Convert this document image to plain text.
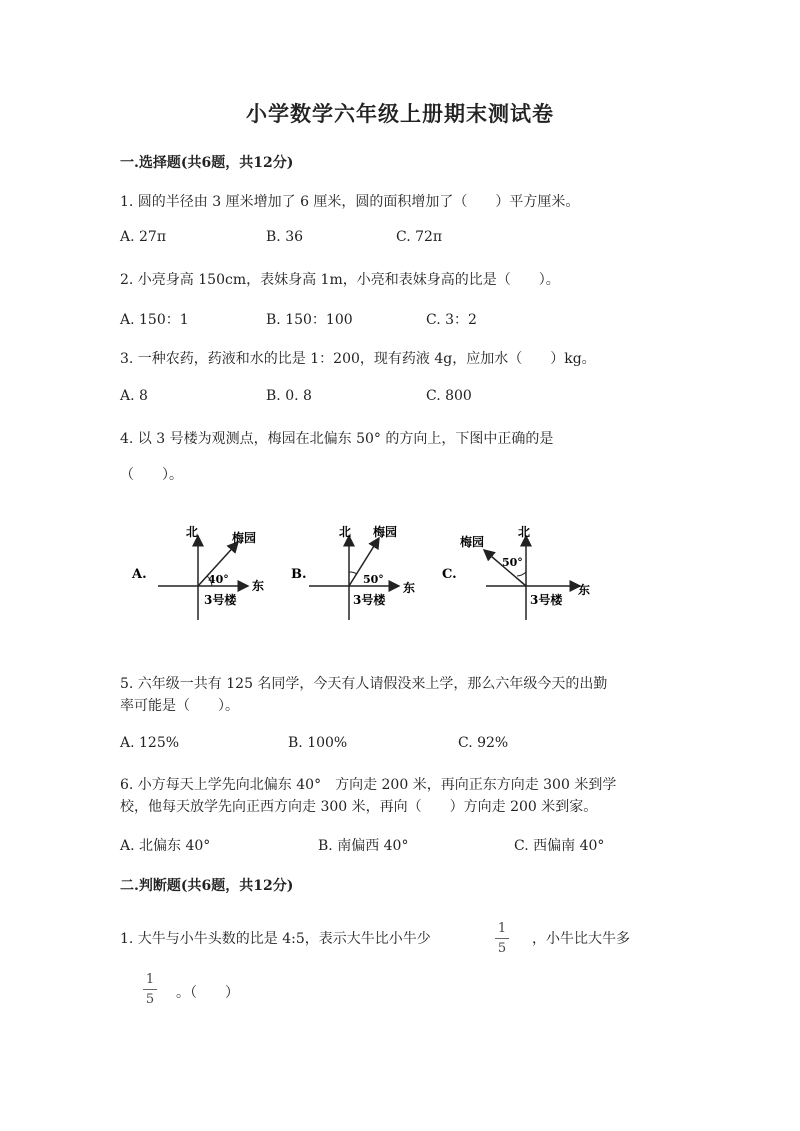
小学数学六年级上册期末测试卷
一.选择题(共6题，共12分)
1. 圆的半径由 3 厘米增加了 6 厘米，圆的面积增加了（　　）平方厘米。
A. 27π	B. 36	C. 72π
2. 小亮身高 150cm，表妹身高 1m，小亮和表妹身高的比是（　　）。
A. 150：1	B. 150：100	C. 3：2
3. 一种农药，药液和水的比是 1：200，现有药液 4g，应加水（　　）kg。
A. 8	B. 0. 8	C. 800
4. 以 3 号楼为观测点，梅园在北偏东 50° 的方向上，下图中正确的是
（　　）。
A.
北	梅园
40° 东
3号楼
B.
北 梅园
50°
东
3号楼
C.
北
梅园
50°
东
3号楼
5. 六年级一共有 125 名同学，今天有人请假没来上学，那么六年级今天的出勤
率可能是（　　）。
A. 125%	B. 100%	C. 92%
6. 小方每天上学先向北偏东 40°　方向走 200 米，再向正东方向走 300 米到学
校，他每天放学先向正西方向走 300 米，再向（　　）方向走 200 米到家。
A. 北偏东 40°	B. 南偏西 40°	C. 西偏南 40°
二.判断题(共6题，共12分)
1. 大牛与小牛头数的比是 4:5，表示大牛比小牛少
1
5
，小牛比大牛多
1
5 。（　　）
